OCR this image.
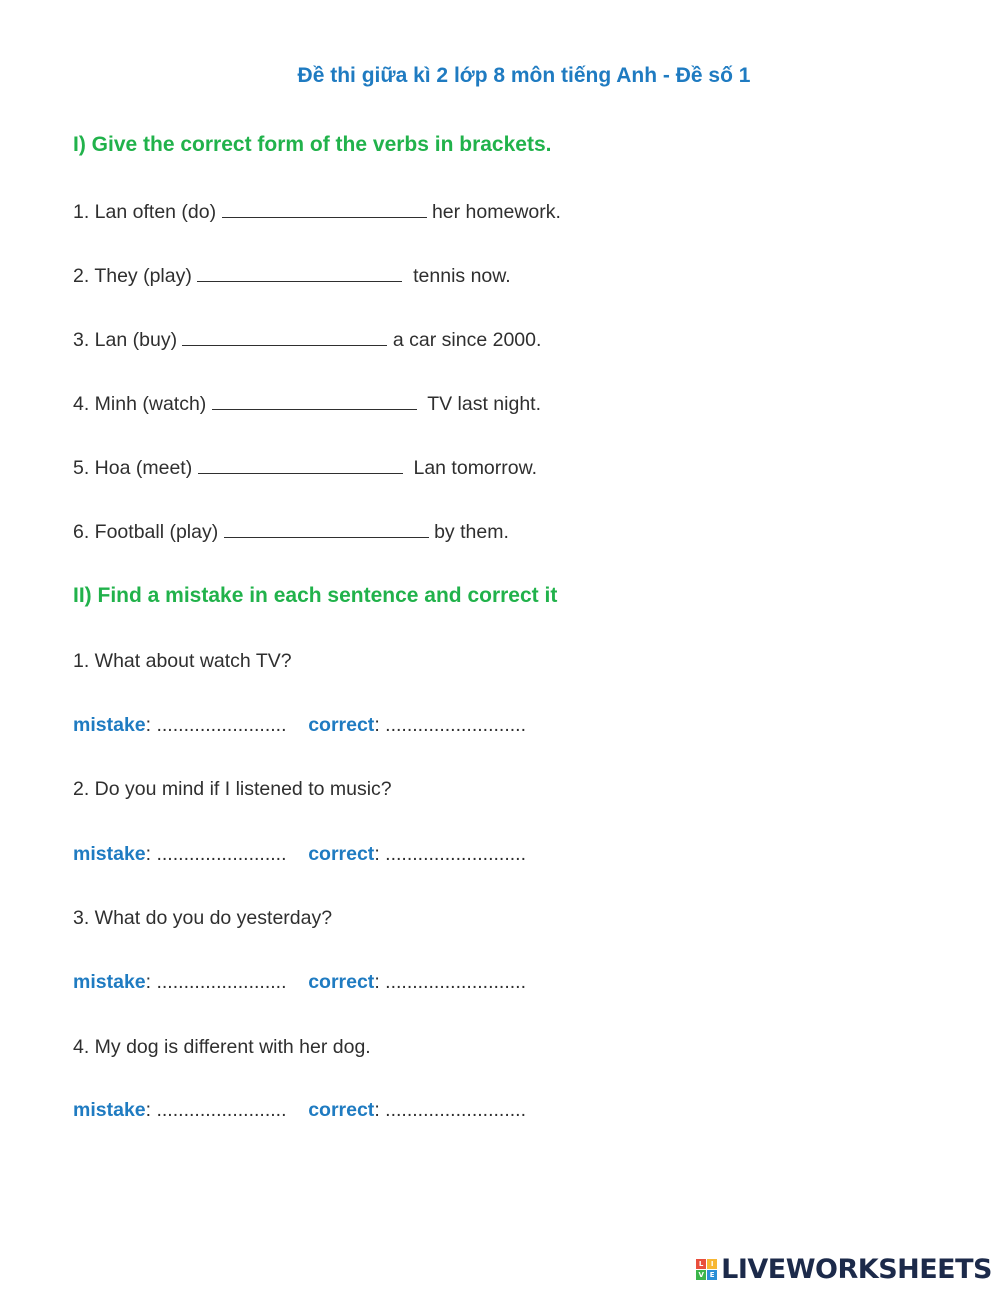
Đề thi giữa kì 2 lớp 8 môn tiếng Anh - Đề số 1
I) Give the correct form of the verbs in brackets.
1. Lan often (do)	her homework.
2. They (play)	tennis now.
3. Lan (buy)	a car since 2000.
4. Minh (watch)	TV last night.
5. Hoa (meet)	Lan tomorrow.
6. Football (play)	by them.
II) Find a mistake in each sentence and correct it
1. What about watch TV?
mistake: ........................ correct: ..........................
2. Do you mind if I listened to music?
mistake: ........................ correct: ..........................
3. What do you do yesterday?
mistake: ........................ correct: ..........................
4. My dog is different with her dog.
mistake: ........................ correct: ..........................
L	I
V E LIVEWORKSHEETS
